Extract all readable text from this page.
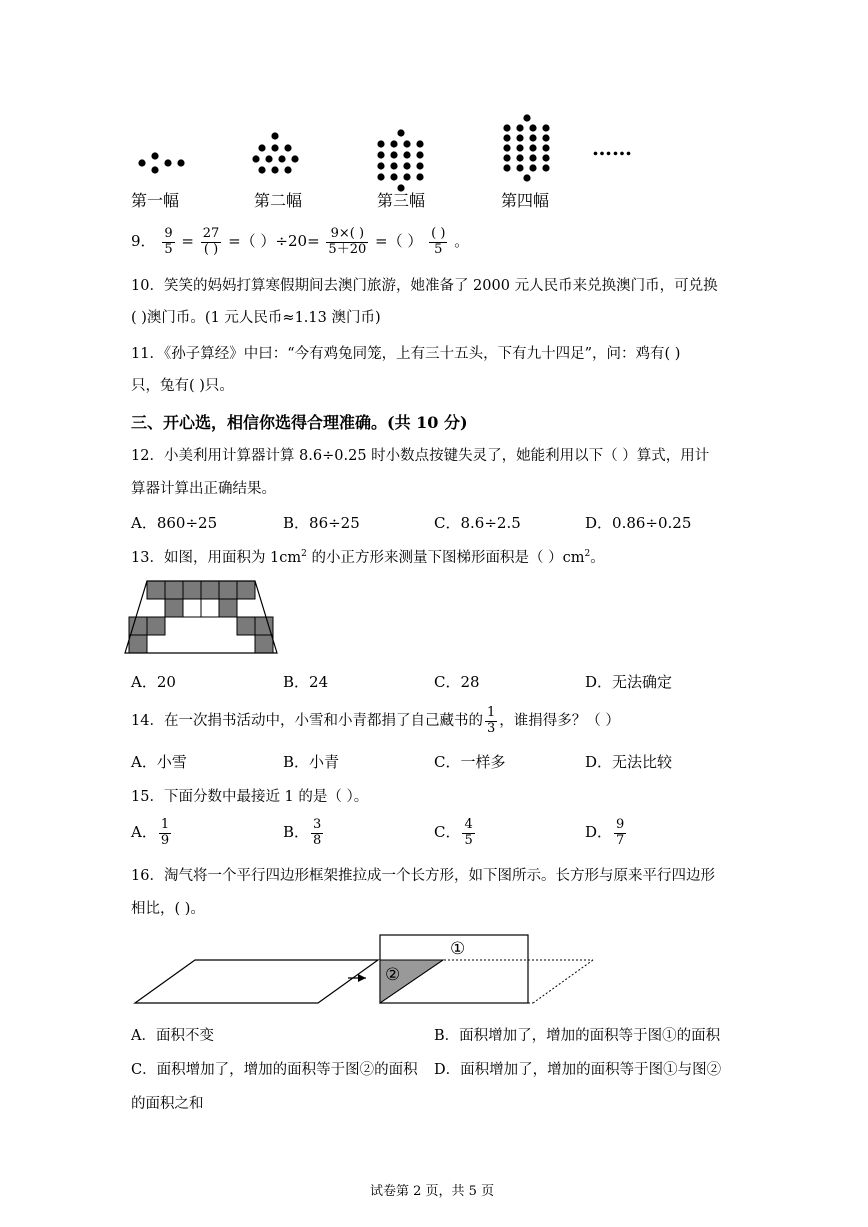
第一幅	第二幅	第三幅	第四幅
……
9． $\frac{9}{5} = 27$
( ) =（ ）$\div 20= \frac{9\times( )}{5+20}$ =（ ） ( )
5 。
10．笑笑的妈妈打算寒假期间去澳门旅游，她准备了 2000 元人民币来兑换澳门币，可兑换
( )澳门币。(1 元人民币≈1.13 澳门币)
11．《孙子算经》中曰：“今有鸡兔同笼，上有三十五头，下有九十四足”，问：鸡有( )
只，兔有( )只。
三、开心选，相信你选得合理准确。(共 10 分)
12．小美利用计算器计算 8.6÷0.25 时小数点按键失灵了，她能利用以下（ ）算式，用计
算器计算出正确结果。
A．860÷25	B．86÷25	C．8.6÷2.5	D．0.86÷0.25
13．如图，用面积为 $1cm^2$ 的小正方形来测量下图梯形面积是（ ）$cm^2$。
A．20	B．24	C．28	D．无法确定
14．在一次捐书活动中，小雪和小青都捐了自己藏书的 $\frac{1}{3}$ ，谁捐得多？（ ）
A．小雪	B．小青	C．一样多	D．无法比较
15．下面分数中最接近 1 的是（ ）。
A． $\frac{1}{9}$	B． $\frac{3}{8}$	C． $\frac{4}{5}$	D． $\frac{9}{7}$
16．淘气将一个平行四边形框架推拉成一个长方形，如下图所示。长方形与原来平行四边形
相比，( )。
①
②
A．面积不变	B．面积增加了，增加的面积等于图①的面积
C．面积增加了，增加的面积等于图②的面积 D．面积增加了，增加的面积等于图①与图②
的面积之和
试卷第 2 页，共 5 页
